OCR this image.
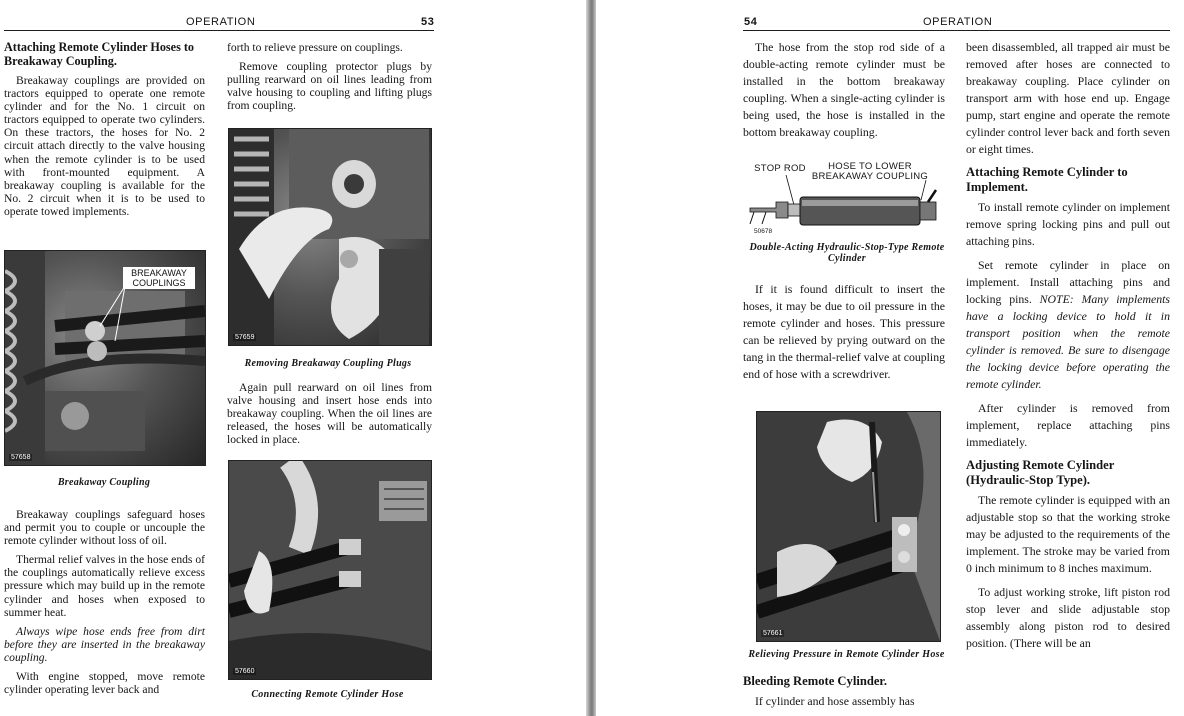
OPERATION	53
Attaching Remote Cylinder Hoses to Breakaway Coupling.

Breakaway couplings are provided on tractors equipped to operate one remote cylinder and for the No. 1 circuit on tractors equipped to operate two cylinders. On these tractors, the hoses for No. 2 circuit attach directly to the valve housing when the remote cylinder is to be used with front-mounted equipment. A breakaway coupling is available for the No. 2 circuit when it is to be used to operate towed implements.

BREAKAWAY COUPLINGS
57658
Breakaway Coupling

Breakaway couplings safeguard hoses and permit you to couple or uncouple the remote cylinder without loss of oil.

Thermal relief valves in the hose ends of the couplings automatically relieve excess pressure which may build up in the remote cylinder and hoses when exposed to summer heat.

Always wipe hose ends free from dirt before they are inserted in the breakaway coupling.

With engine stopped, move remote cylinder operating lever back and

forth to relieve pressure on couplings.

Remove coupling protector plugs by pulling rearward on oil lines leading from valve housing to coupling and lifting plugs from coupling.

57659
Removing Breakaway Coupling Plugs

Again pull rearward on oil lines from valve housing and insert hose ends into breakaway coupling. When the oil lines are released, the hoses will be automatically locked in place.

57660
Connecting Remote Cylinder Hose
54	OPERATION

The hose from the stop rod side of a double-acting remote cylinder must be installed in the bottom breakaway coupling. When a single-acting cylinder is being used, the hose is installed in the bottom breakaway coupling.

STOP ROD	HOSE TO LOWER BREAKAWAY COUPLING
50678
Double-Acting Hydraulic-Stop-Type Remote Cylinder

If it is found difficult to insert the hoses, it may be due to oil pressure in the remote cylinder and hoses. This pressure can be relieved by prying outward on the tang in the thermal-relief valve at coupling end of hose with a screwdriver.

57661
Relieving Pressure in Remote Cylinder Hose
Bleeding Remote Cylinder.

If cylinder and hose assembly has

been disassembled, all trapped air must be removed after hoses are connected to breakaway coupling. Place cylinder on transport arm with hose end up. Engage pump, start engine and operate the remote cylinder control lever back and forth seven or eight times.

Attaching Remote Cylinder to Implement.

To install remote cylinder on implement remove spring locking pins and pull out attaching pins.

Set remote cylinder in place on implement. Install attaching pins and locking pins. NOTE: Many implements have a locking device to hold it in transport position when the remote cylinder is removed. Be sure to disengage the locking device before operating the remote cylinder.

After cylinder is removed from implement, replace attaching pins immediately.

Adjusting Remote Cylinder (Hydraulic-Stop Type).

The remote cylinder is equipped with an adjustable stop so that the working stroke may be adjusted to the requirements of the implement. The stroke may be varied from 0 inch minimum to 8 inches maximum.

To adjust working stroke, lift piston rod stop lever and slide adjustable stop assembly along piston rod to desired position. (There will be an
